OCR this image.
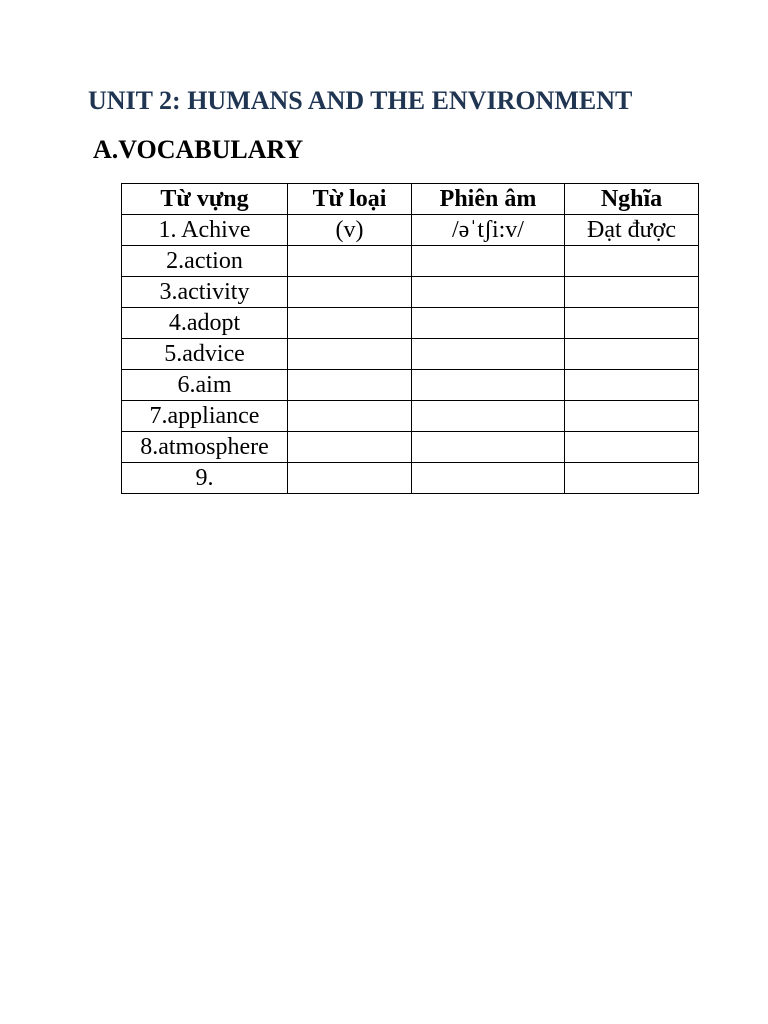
UNIT 2: HUMANS AND THE ENVIRONMENT
A.VOCABULARY
Từ vựng	Từ loại	Phiên âm	Nghĩa
1. Achive	(v)	/əˈtʃi:v/	Đạt được
2.action			
3.activity			
4.adopt			
5.advice			
6.aim			
7.appliance			
8.atmosphere			
9.			
